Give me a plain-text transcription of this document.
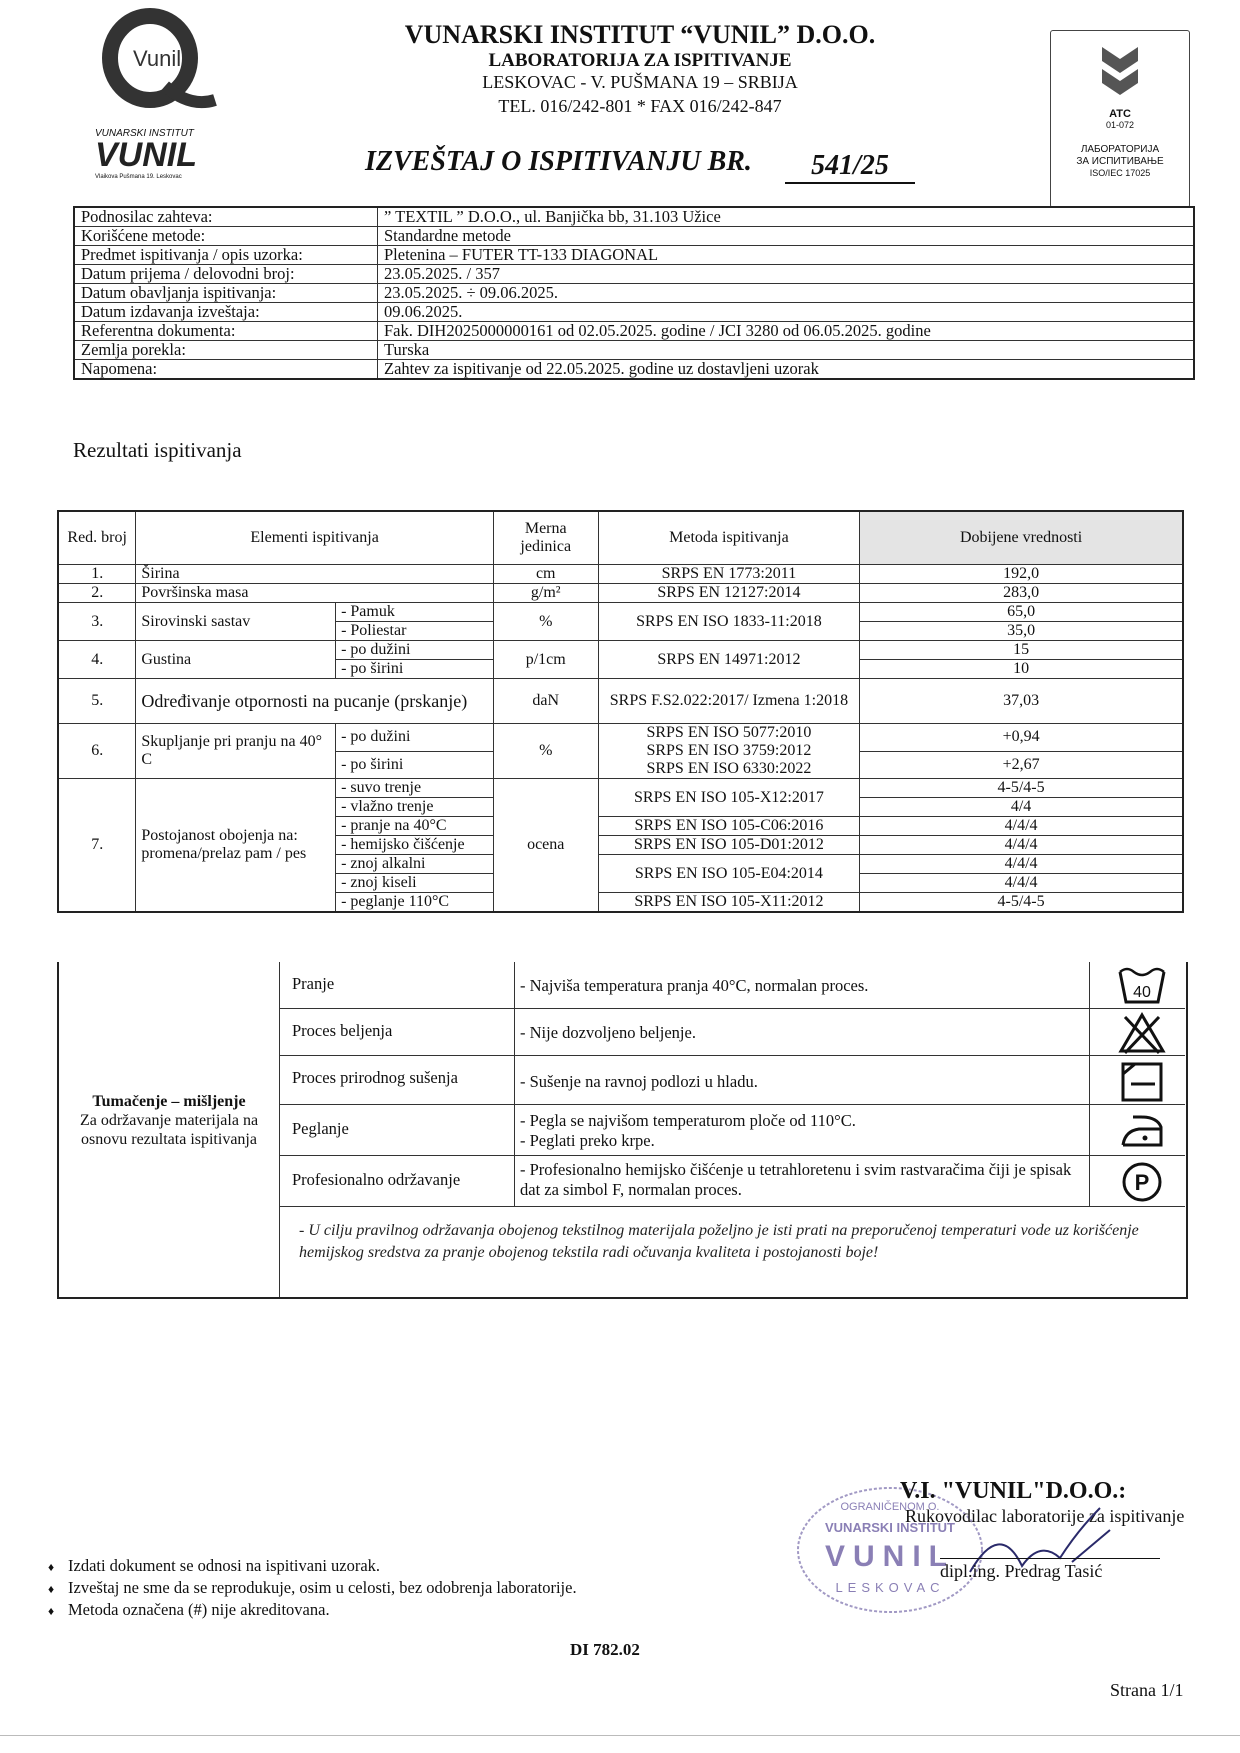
Vunil
VUNARSKI INSTITUT
VUNIL
Vlajkova Pušmana 19, Leskovac
VUNARSKI INSTITUT “VUNIL” D.O.O.
LABORATORIJA ZA ISPITIVANJE
LESKOVAC - V. PUŠMANA 19 – SRBIJA
TEL. 016/242-801 * FAX 016/242-847
IZVEŠTAJ O ISPITIVANJU BR.	541/25
ATC
01-072
ЛАБОРАТОРИЈА
ЗА ИСПИТИВАЊЕ
ISO/IEC 17025
Podnosilac zahteva:	” TEXTIL ” D.O.O., ul. Banjička bb, 31.103 Užice
Korišćene metode:	Standardne metode
Predmet ispitivanja / opis uzorka:	Pletenina – FUTER TT-133 DIAGONAL
Datum prijema / delovodni broj:	23.05.2025. / 357
Datum obavljanja ispitivanja:	23.05.2025. ÷ 09.06.2025.
Datum izdavanja izveštaja:	09.06.2025.
Referentna dokumenta:	Fak. DIH2025000000161 od 02.05.2025. godine / JCI 3280 od 06.05.2025. godine
Zemlja porekla:	Turska
Napomena:	Zahtev za ispitivanje od 22.05.2025. godine uz dostavljeni uzorak
Rezultati ispitivanja
Red. broj	Elementi ispitivanja		Merna jedinica	Metoda ispitivanja	Dobijene vrednosti
1.	Širina		cm	SRPS EN 1773:2011	192,0
2.	Površinska masa		g/m²	SRPS EN 12127:2014	283,0
3.	Sirovinski sastav	- Pamuk	%	SRPS EN ISO 1833-11:2018	65,0
		- Poliestar			35,0
4.	Gustina	- po dužini	p/1cm	SRPS EN 14971:2012	15
		- po širini			10
5.	Određivanje otpornosti na pucanje (prskanje)		daN	SRPS F.S2.022:2017/ Izmena 1:2018	37,03
6.	Skupljanje pri pranju na 40° C	- po dužini	%	SRPS EN ISO 5077:2010
SRPS EN ISO 3759:2012
SRPS EN ISO 6330:2022	+0,94
		- po širini			+2,67
7.	Postojanost obojenja na: promena/prelaz pam / pes	- suvo trenje	ocena	SRPS EN ISO 105-X12:2017	4-5/4-5
		- vlažno trenje			4/4
		- pranje na 40°C		SRPS EN ISO 105-C06:2016	4/4/4
		- hemijsko čišćenje		SRPS EN ISO 105-D01:2012	4/4/4
		- znoj alkalni		SRPS EN ISO 105-E04:2014	4/4/4
		- znoj kiseli			4/4/4
		- peglanje 110°C		SRPS EN ISO 105-X11:2012	4-5/4-5
Tumačenje – mišljenje
Za održavanje materijala na osnovu rezultata ispitivanja
Pranje	- Najviša temperatura pranja 40°C, normalan proces.	40
Proces beljenja	- Nije dozvoljeno beljenje.
Proces prirodnog sušenja	- Sušenje na ravnoj podlozi u hladu.
Peglanje	- Pegla se najvišom temperaturom ploče od 110°C.
- Peglati preko krpe.
Profesionalno održavanje
- Profesionalno hemijsko čišćenje u tetrahloretenu i svim rastvaračima čiji je spisak dat za simbol F, normalan proces.	P
- U cilju pravilnog održavanja obojenog tekstilnog materijala poželjno je isti prati na preporučenoj temperaturi vode uz korišćenje hemijskog sredstva za pranje obojenog tekstila radi očuvanja kvaliteta i postojanosti boje!
OGRANIČENOM O.
VUNARSKI INSTITUT
VUNIL
LESKOVAC
V.I. "VUNIL"D.O.O.:
Rukovodilac laboratorije za ispitivanje
dipl.ing. Predrag Tasić
♦ Izdati dokument se odnosi na ispitivani uzorak.
♦ Izveštaj ne sme da se reprodukuje, osim u celosti, bez odobrenja laboratorije.
♦ Metoda označena (#) nije akreditovana.
DI 782.02
Strana 1/1
